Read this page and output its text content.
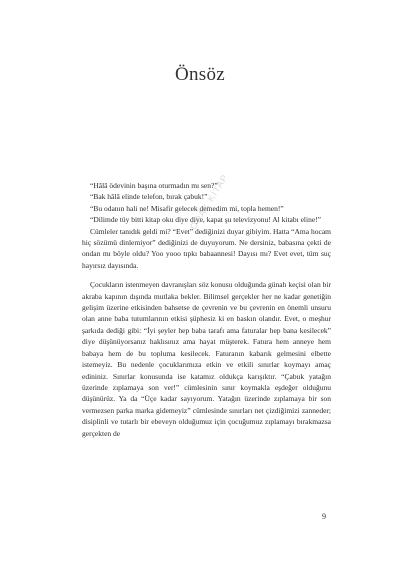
Önsöz

“Hâlâ ödevinin başına oturmadın mı sen?”

“Bak hâlâ elinde telefon, bırak çabuk!”

“Bu odanın hali ne! Misafir gelecek demedim mi, topla hemen!”

“Dilimde tüy bitti kitap oku diye diye, kapat şu televizyonu! Al kitabı eline!”

Cümleler tanıdık geldi mi? “Evet” dediğinizi duyar gibiyim. Hatta “Ama hocam hiç sözümü dinlemiyor” dediğinizi de duyuyorum. Ne dersiniz, babasına çekti de ondan mı böyle oldu? Yoo yooo tıpkı babaannesi! Dayısı mı? Evet evet, tüm suç hayırsız dayısında.

Çocukların istenmeyen davranışları söz konusu olduğunda günah keçisi olan bir akraba kapının dışında mutlaka bekler. Bilimsel gerçekler her ne kadar genetiğin gelişim üzerine etkisinden bahsetse de çevrenin ve bu çevrenin en önemli unsuru olan anne baba tutumlarının etkisi şüphesiz ki en baskın olandır. Evet, o meşhur şarkıda dediği gibi: “İyi şeyler hep baba tarafı ama faturalar hep bana kesilecek” diye düşünüyorsanız haklısınız ama hayat müşterek. Fatura hem anneye hem babaya hem de bu topluma kesilecek. Faturanın kabarık gelmesini elbette istemeyiz. Bu nedenle çocuklarımıza etkin ve etkili sınırlar koymayı amaç edininiz. Sınırlar konusunda ise katamız oldukça karışıktır. “Çabuk yatağın üzerinde zıplamaya son ver!” cümlesinin sınır koymakla eşdeğer olduğunu düşünürüz. Ya da “Üçe kadar sayıyorum. Yatağın üzerinde zıplamaya bir son vermezsen parka marka gidemeyiz” cümlesinde sınırları net çizdiğimizi zanneder; disiplinli ve tutarlı bir ebeveyn olduğumuz için çocuğumuz zıplamayı bırakmazsa gerçekten de

ODAK KİTAP
9
